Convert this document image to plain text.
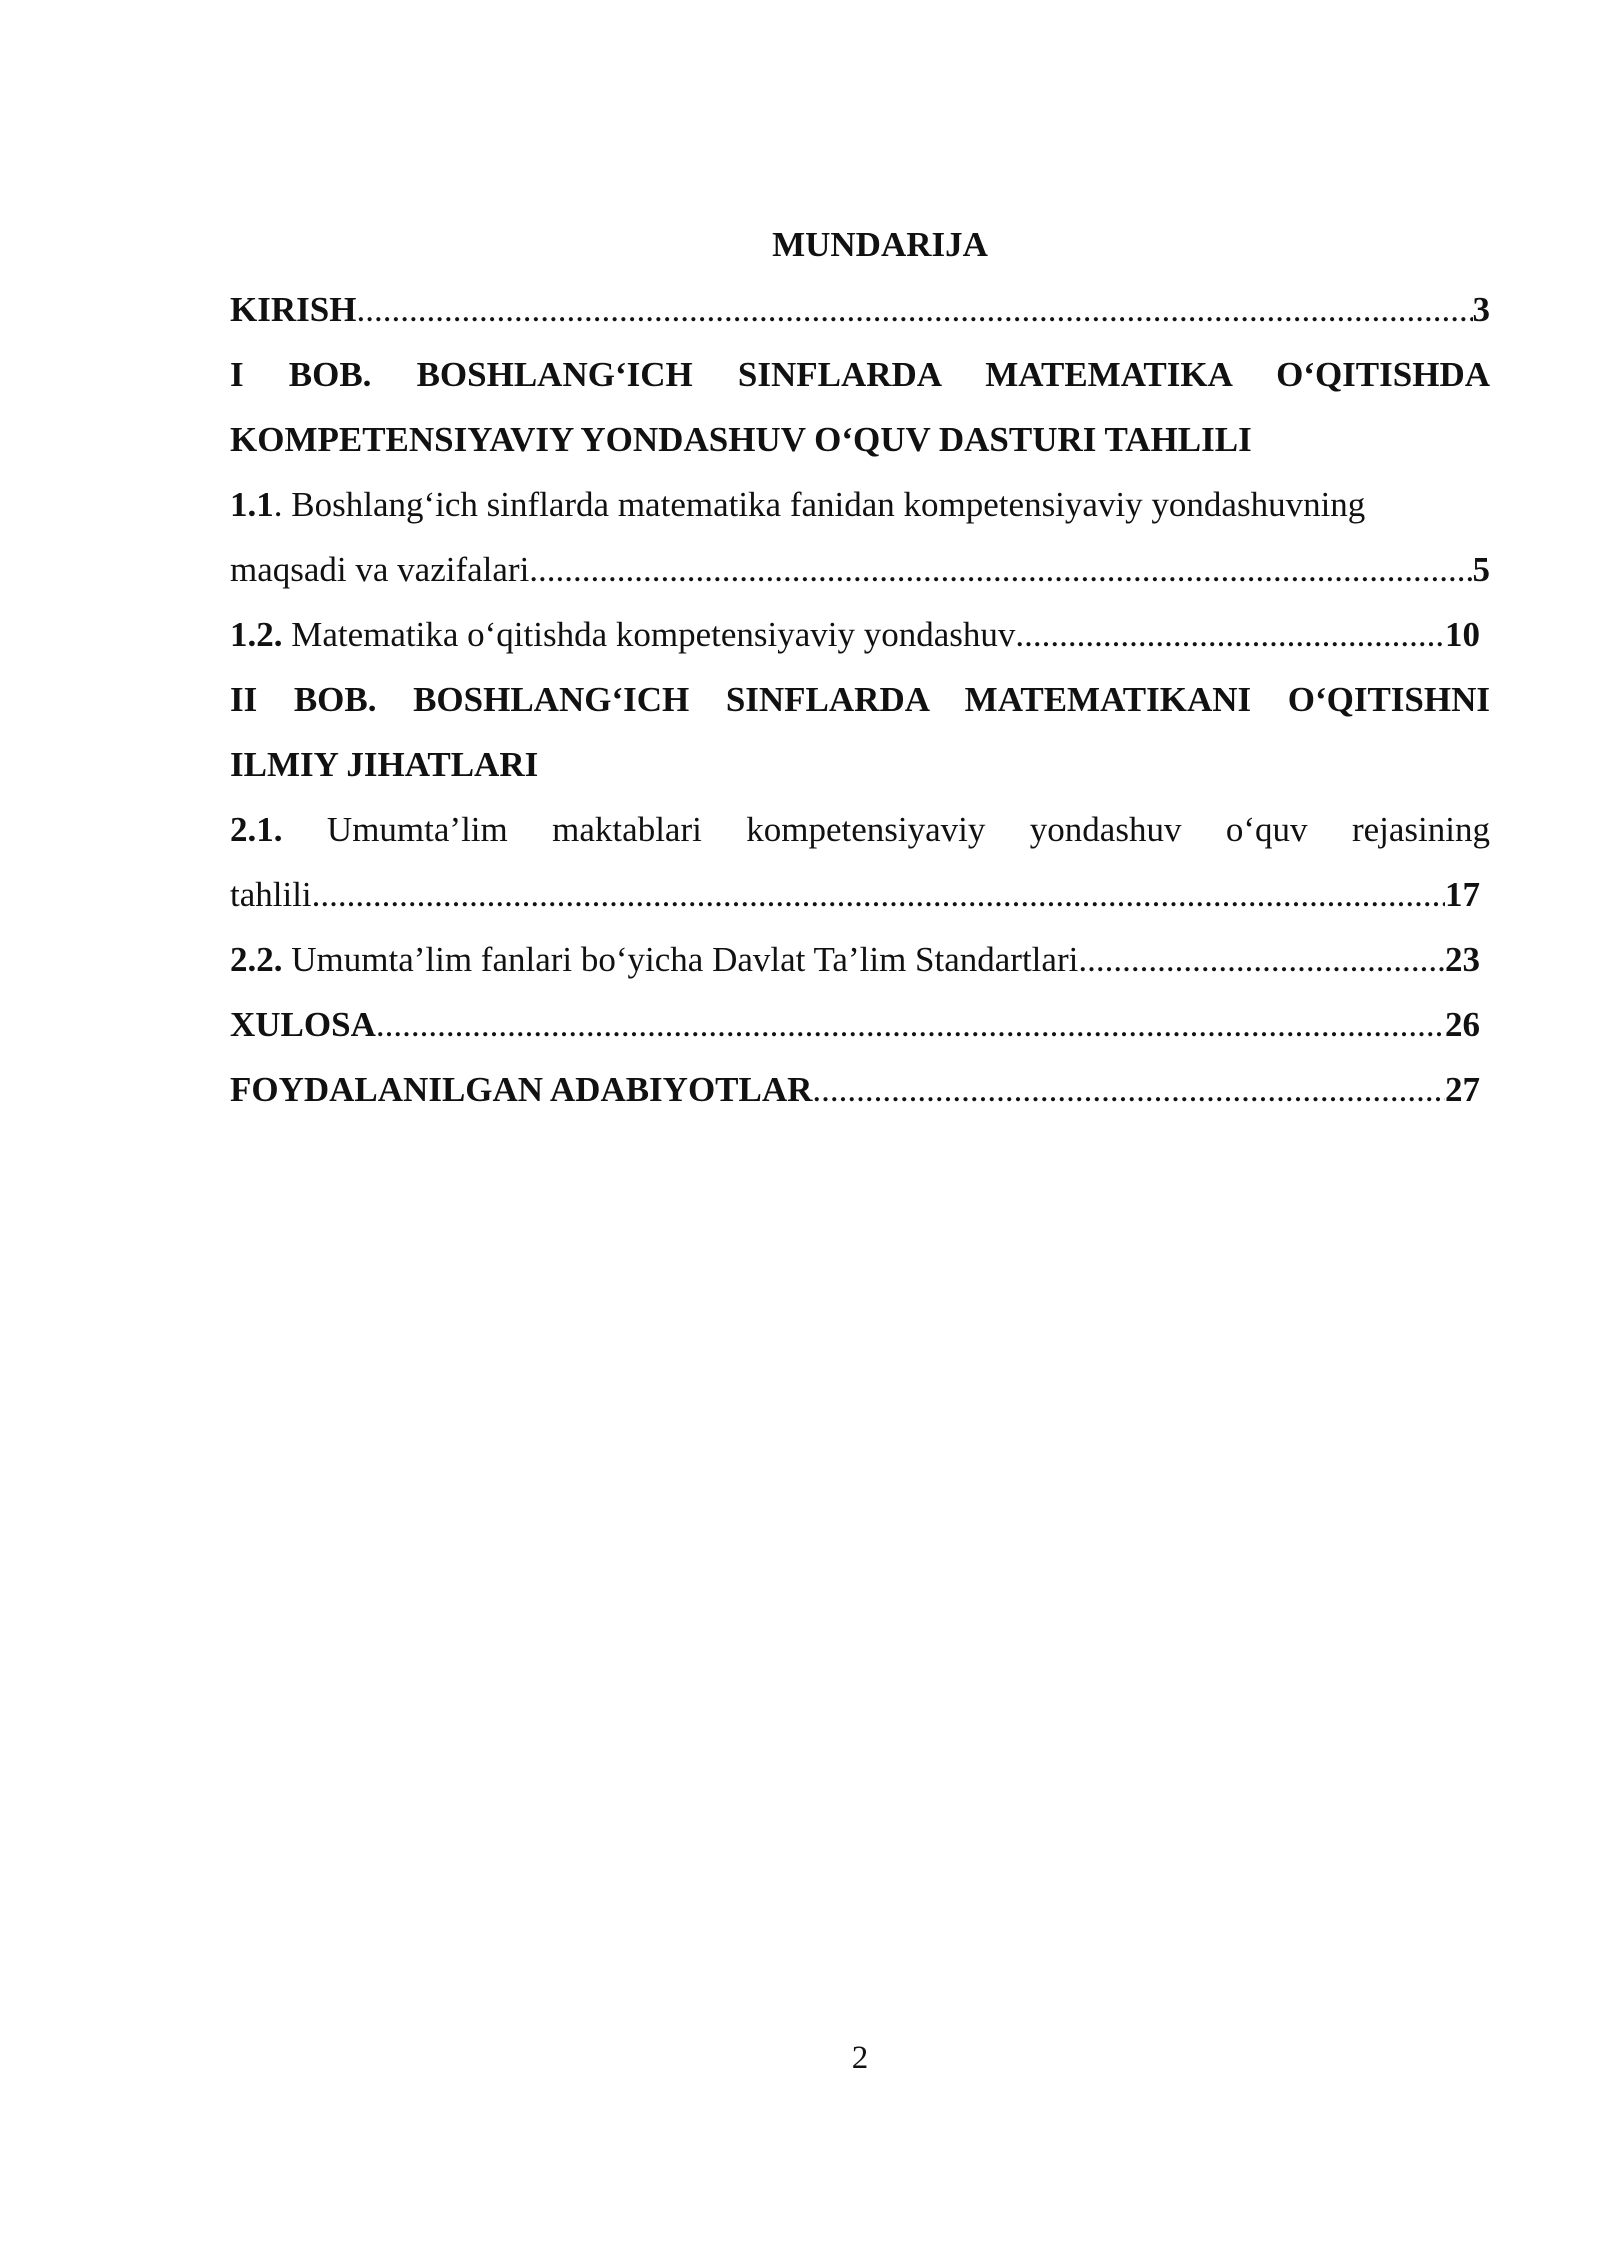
MUNDARIJA
KIRISH .....	3
I BOB. BOSHLANG‘ICH SINFLARDA MATEMATIKA O‘QITISHDA
KOMPETENSIYAVIY YONDASHUV O‘QUV DASTURI TAHLILI
1.1. Boshlang‘ich sinflarda matematika fanidan kompetensiyaviy yondashuvning
maqsadi va vazifalari .....	5
1.2. Matematika o‘qitishda kompetensiyaviy yondashuv .....	10
II BOB. BOSHLANG‘ICH SINFLARDA MATEMATIKANI O‘QITISHNI
ILMIY JIHATLARI
2.1. Umumta’lim maktablari kompetensiyaviy yondashuv o‘quv rejasining
tahlili .....	17
2.2. Umumta’lim fanlari bo‘yicha Davlat Ta’lim Standartlari .....	23
XULOSA .....	26
FOYDALANILGAN ADABIYOTLAR .....	27
2
